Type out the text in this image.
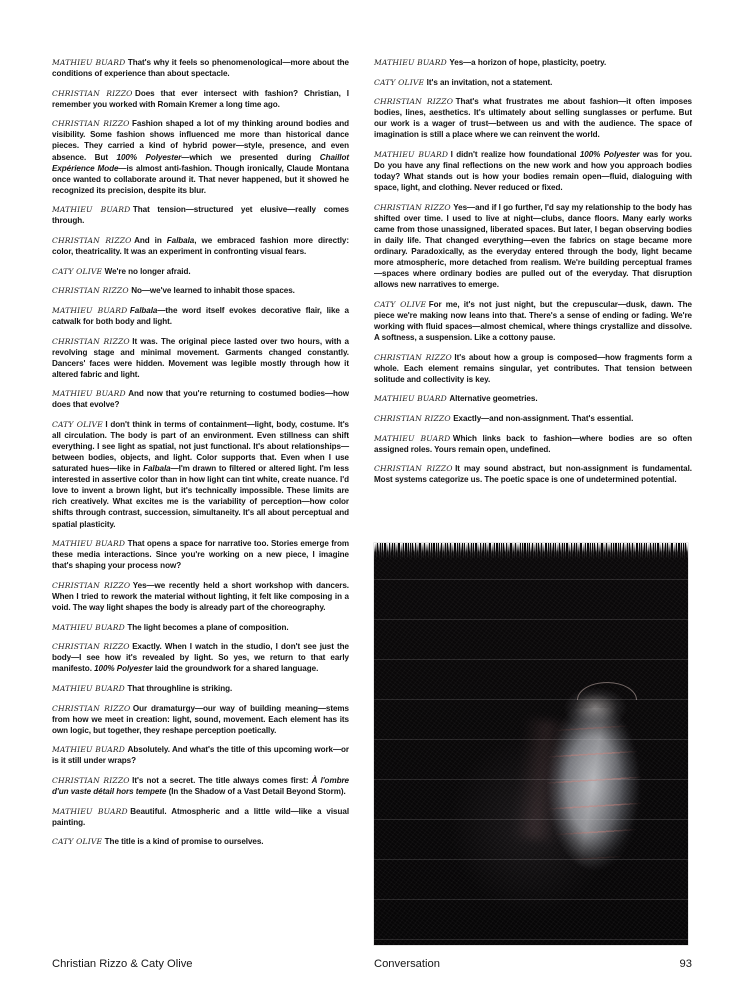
MATHIEU BUARD That's why it feels so phenomenological—more about the conditions of experience than about spectacle.

CHRISTIAN RIZZO Does that ever intersect with fashion? Christian, I remember you worked with Romain Kremer a long time ago.

CHRISTIAN RIZZO Fashion shaped a lot of my thinking around bodies and visibility. Some fashion shows influenced me more than historical dance pieces. They carried a kind of hybrid power—style, presence, and even absence. But 100% Polyester—which we presented during Chaillot Expérience Mode—is almost anti-fashion. Though ironically, Claude Montana once wanted to collaborate around it. That never happened, but it showed he recognized its precision, despite its blur.

MATHIEU BUARD That tension—structured yet elusive—really comes through.

CHRISTIAN RIZZO And in Falbala, we embraced fashion more directly: color, theatricality. It was an experiment in confronting visual fears.

CATY OLIVE We're no longer afraid.

CHRISTIAN RIZZO No—we've learned to inhabit those spaces.

MATHIEU BUARD Falbala—the word itself evokes decorative flair, like a catwalk for both body and light.

CHRISTIAN RIZZO It was. The original piece lasted over two hours, with a revolving stage and minimal movement. Garments changed constantly. Dancers' faces were hidden. Movement was legible mostly through how it altered fabric and light.

MATHIEU BUARD And now that you're returning to costumed bodies—how does that evolve?

CATY OLIVE I don't think in terms of containment—light, body, costume. It's all circulation. The body is part of an environment. Even stillness can shift everything. I see light as spatial, not just functional. It's about relationships—between bodies, objects, and light. Color supports that. Even when I use saturated hues—like in Falbala—I'm drawn to filtered or altered light. I'm less interested in assertive color than in how light can tint white, create nuance. I'd love to invent a brown light, but it's technically impossible. These limits are rich creatively. What excites me is the variability of perception—how color shifts through contrast, succession, simultaneity. It's all about perceptual and spatial plasticity.

MATHIEU BUARD That opens a space for narrative too. Stories emerge from these media interactions. Since you're working on a new piece, I imagine that's shaping your process now?

CHRISTIAN RIZZO Yes—we recently held a short workshop with dancers. When I tried to rework the material without lighting, it felt like composing in a void. The way light shapes the body is already part of the choreography.

MATHIEU BUARD The light becomes a plane of composition.

CHRISTIAN RIZZO Exactly. When I watch in the studio, I don't see just the body—I see how it's revealed by light. So yes, we return to that early manifesto. 100% Polyester laid the groundwork for a shared language.

MATHIEU BUARD That throughline is striking.

CHRISTIAN RIZZO Our dramaturgy—our way of building meaning—stems from how we meet in creation: light, sound, movement. Each element has its own logic, but together, they reshape perception poetically.

MATHIEU BUARD Absolutely. And what's the title of this upcoming work—or is it still under wraps?

CHRISTIAN RIZZO It's not a secret. The title always comes first: À l'ombre d'un vaste détail hors tempete (In the Shadow of a Vast Detail Beyond Storm).

MATHIEU BUARD Beautiful. Atmospheric and a little wild—like a visual painting.

CATY OLIVE The title is a kind of promise to ourselves.

MATHIEU BUARD Yes—a horizon of hope, plasticity, poetry.

CATY OLIVE It's an invitation, not a statement.

CHRISTIAN RIZZO That's what frustrates me about fashion—it often imposes bodies, lines, aesthetics. It's ultimately about selling sunglasses or perfume. But our work is a wager of trust—between us and with the audience. The space of imagination is still a place where we can reinvent the world.

MATHIEU BUARD I didn't realize how foundational 100% Polyester was for you. Do you have any final reflections on the new work and how you approach bodies today? What stands out is how your bodies remain open—fluid, dialoguing with space, light, and clothing. Never reduced or fixed.

CHRISTIAN RIZZO Yes—and if I go further, I'd say my relationship to the body has shifted over time. I used to live at night—clubs, dance floors. Many early works came from those unassigned, liberated spaces. But later, I began observing bodies in daily life. That changed everything—even the fabrics on stage became more ordinary. Paradoxically, as the everyday entered through the body, light became more atmospheric, more detached from realism. We're building perceptual frames—spaces where ordinary bodies are pulled out of the everyday. That disruption allows new narratives to emerge.

CATY OLIVE For me, it's not just night, but the crepuscular—dusk, dawn. The piece we're making now leans into that. There's a sense of ending or fading. We're working with fluid spaces—almost chemical, where things crystallize and dissolve. A softness, a suspension. Like a cottony pause.

CHRISTIAN RIZZO It's about how a group is composed—how fragments form a whole. Each element remains singular, yet contributes. That tension between solitude and collectivity is key.

MATHIEU BUARD Alternative geometries.

CHRISTIAN RIZZO Exactly—and non-assignment. That's essential.

MATHIEU BUARD Which links back to fashion—where bodies are so often assigned roles. Yours remain open, undefined.

CHRISTIAN RIZZO It may sound abstract, but non-assignment is fundamental. Most systems categorize us. The poetic space is one of undetermined potential.

Christian Rizzo & Caty Olive	Conversation	93
